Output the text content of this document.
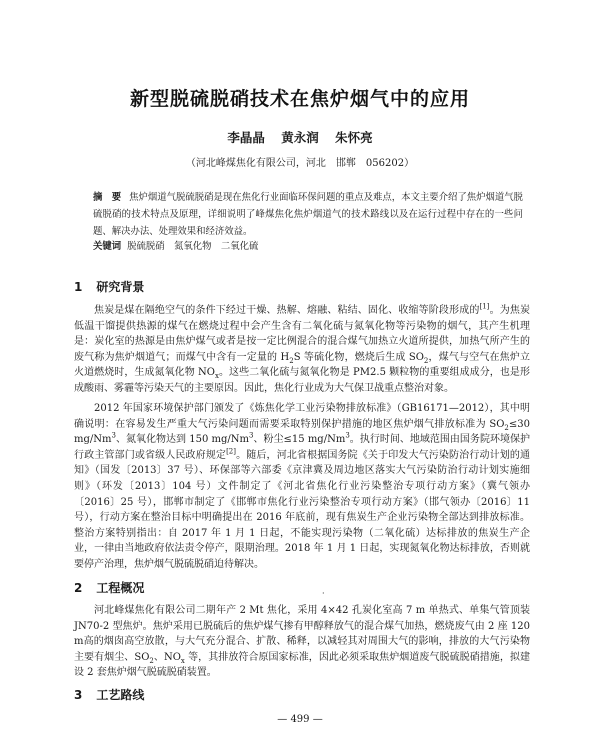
新型脱硫脱硝技术在焦炉烟气中的应用
李晶晶 黄永润 朱怀亮
（河北峰煤焦化有限公司，河北　邯郸　056202）
摘　要 焦炉烟道气脱硫脱硝是现在焦化行业面临环保问题的重点及难点，本文主要介绍了焦炉烟道气脱硫脱硝的技术特点及原理，详细说明了峰煤焦化焦炉烟道气的技术路线以及在运行过程中存在的一些问题、解决办法、处理效果和经济效益。
关键词 脱硫脱硝　氮氧化物　二氧化硫
1 研究背景
焦炭是煤在隔绝空气的条件下经过干燥、热解、熔融、粘结、固化、收缩等阶段形成的[1]。为焦炭低温干馏提供热源的煤气在燃烧过程中会产生含有二氧化硫与氮氧化物等污染物的烟气，其产生机理是：炭化室的热源是由焦炉煤气或者是按一定比例混合的混合煤气加热立火道所提供，加热气所产生的废气称为焦炉烟道气；而煤气中含有一定量的 $H_2S$ 等硫化物，燃烧后生成 $SO_2$，煤气与空气在焦炉立火道燃烧时，生成氮氧化物 $NO_x$。这些二氧化硫与氮氧化物是 PM2.5 颗粒物的重要组成成分，也是形成酸雨、雾霾等污染天气的主要原因。因此，焦化行业成为大气保卫战重点整治对象。
2012 年国家环境保护部门颁发了《炼焦化学工业污染物排放标准》（GB16171—2012），其中明确说明：在容易发生严重大气污染问题而需要采取特别保护措施的地区焦炉烟气排放标准为 $SO_2\le 30$ mg/Nm$^3$、氮氧化物达到 150 mg/Nm$^3$、粉尘≤15 mg/Nm$^3$。执行时间、地域范围由国务院环境保护行政主管部门或省级人民政府规定[2]。随后，河北省根据国务院《关于印发大气污染防治行动计划的通知》（国发〔2013〕37 号）、环保部等六部委《京津冀及周边地区落实大气污染防治行动计划实施细则》（环发〔2013〕104 号）文件制定了《河北省焦化行业污染整治专项行动方案》（冀气领办〔2016〕25 号），邯郸市制定了《邯郸市焦化行业污染整治专项行动方案》（邯气领办〔2016〕11 号），行动方案在整治目标中明确提出在 2016 年底前，现有焦炭生产企业污染物全部达到排放标准。整治方案特别指出：自 2017 年 1 月 1 日起，不能实现污染物（二氧化硫）达标排放的焦炭生产企业，一律由当地政府依法责令停产，限期治理。2018 年 1 月 1 日起，实现氮氧化物达标排放，否则就要停产治理，焦炉烟气脱硫脱硝迫待解决。
2 工程概况	·
河北峰煤焦化有限公司二期年产 2 Mt 焦化，采用 4×42 孔炭化室高 7 m 单热式、单集气管顶装 JN70-2 型焦炉。焦炉采用已脱硫后的焦炉煤气掺有甲醇释放气的混合煤气加热，燃烧废气由 2 座 120 m高的烟囱高空放散，与大气充分混合、扩散、稀释，以减轻其对周围大气的影响，排放的大气污染物主要有烟尘、$SO_2$、$NO_x$ 等，其排放符合原国家标准，因此必须采取焦炉烟道废气脱硫脱硝措施，拟建设 2 套焦炉烟气脱硫脱硝装置。
3 工艺路线
— 499 —
